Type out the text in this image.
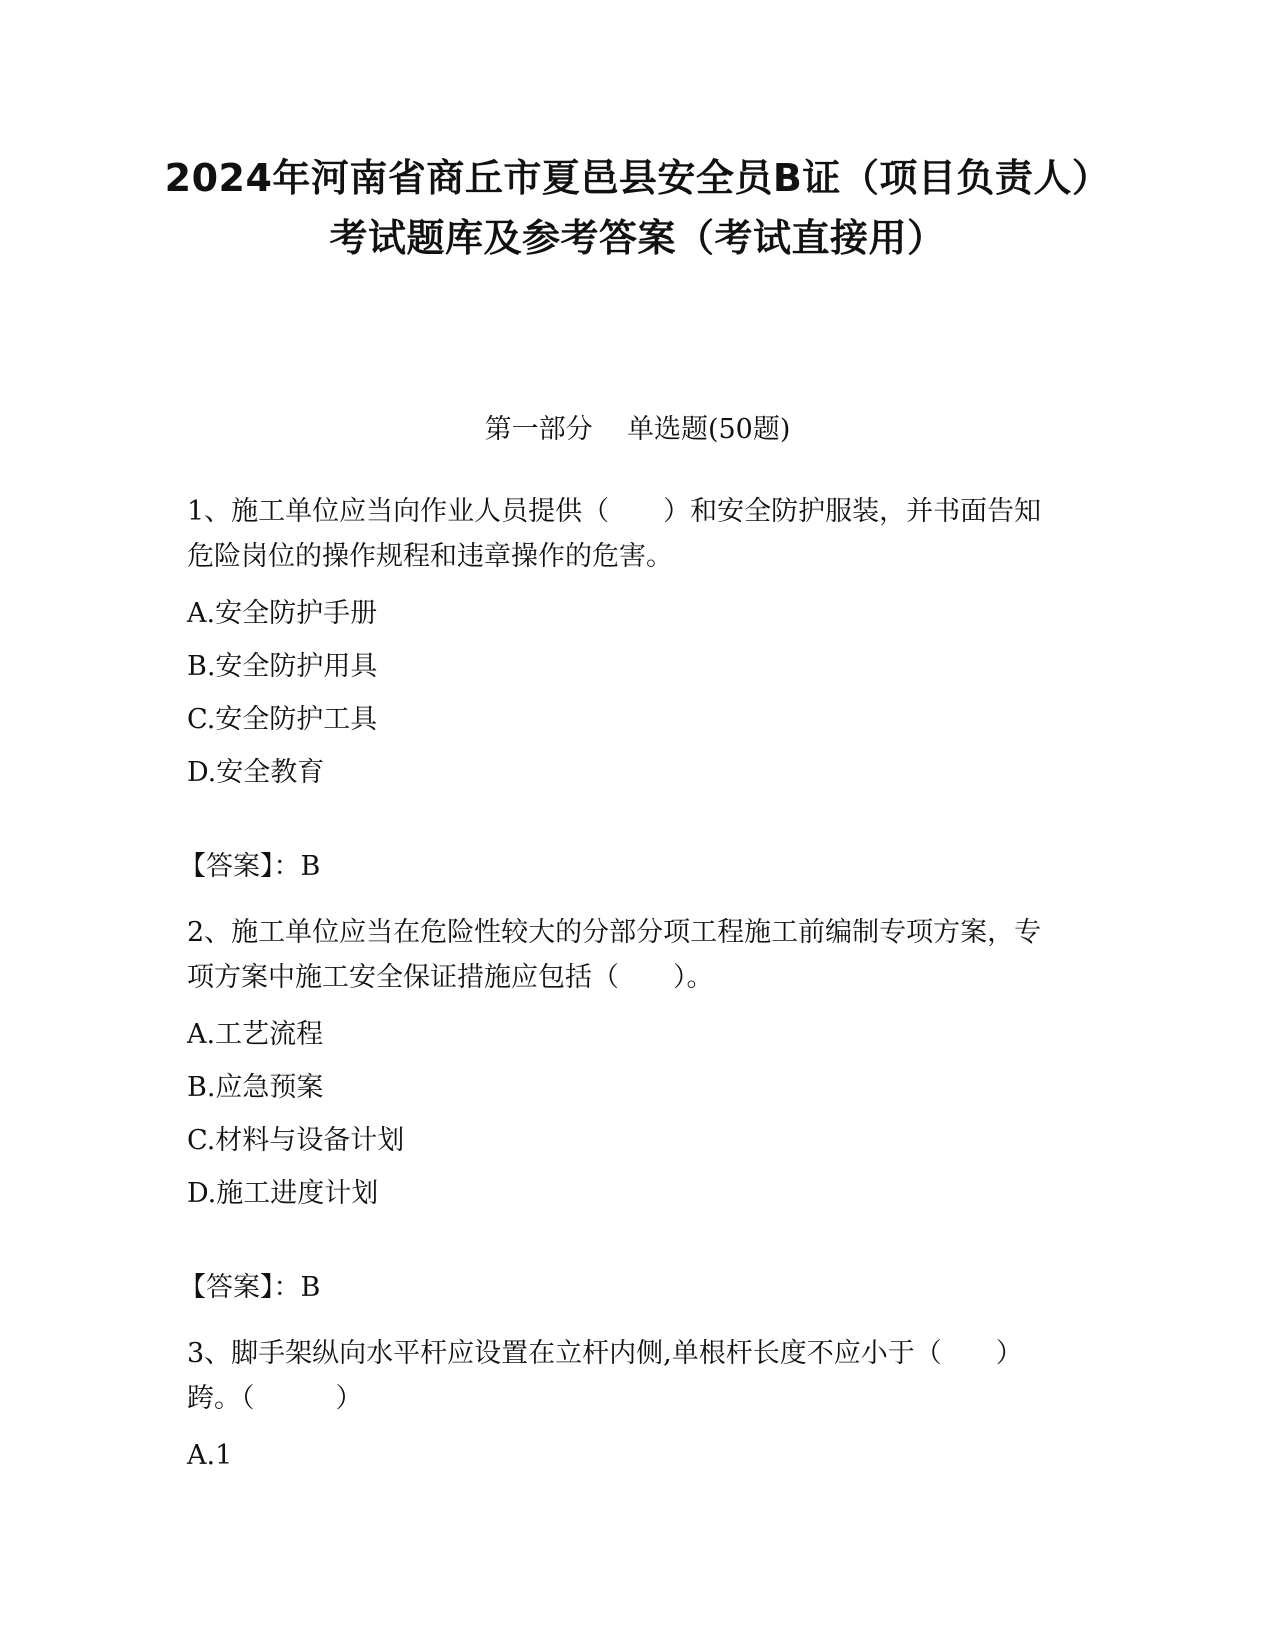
2024年河南省商丘市夏邑县安全员B证（项目负责人）考试题库及参考答案（考试直接用）
第一部分    单选题(50题)

1、施工单位应当向作业人员提供（　　）和安全防护服装，并书面告知危险岗位的操作规程和违章操作的危害。

A.安全防护手册

B.安全防护用具

C.安全防护工具

D.安全教育

【答案】：B

2、施工单位应当在危险性较大的分部分项工程施工前编制专项方案，专项方案中施工安全保证措施应包括（　　）。

A.工艺流程

B.应急预案

C.材料与设备计划

D.施工进度计划

【答案】：B

3、脚手架纵向水平杆应设置在立杆内侧,单根杆长度不应小于（　　）跨。（　　　）

A.1
